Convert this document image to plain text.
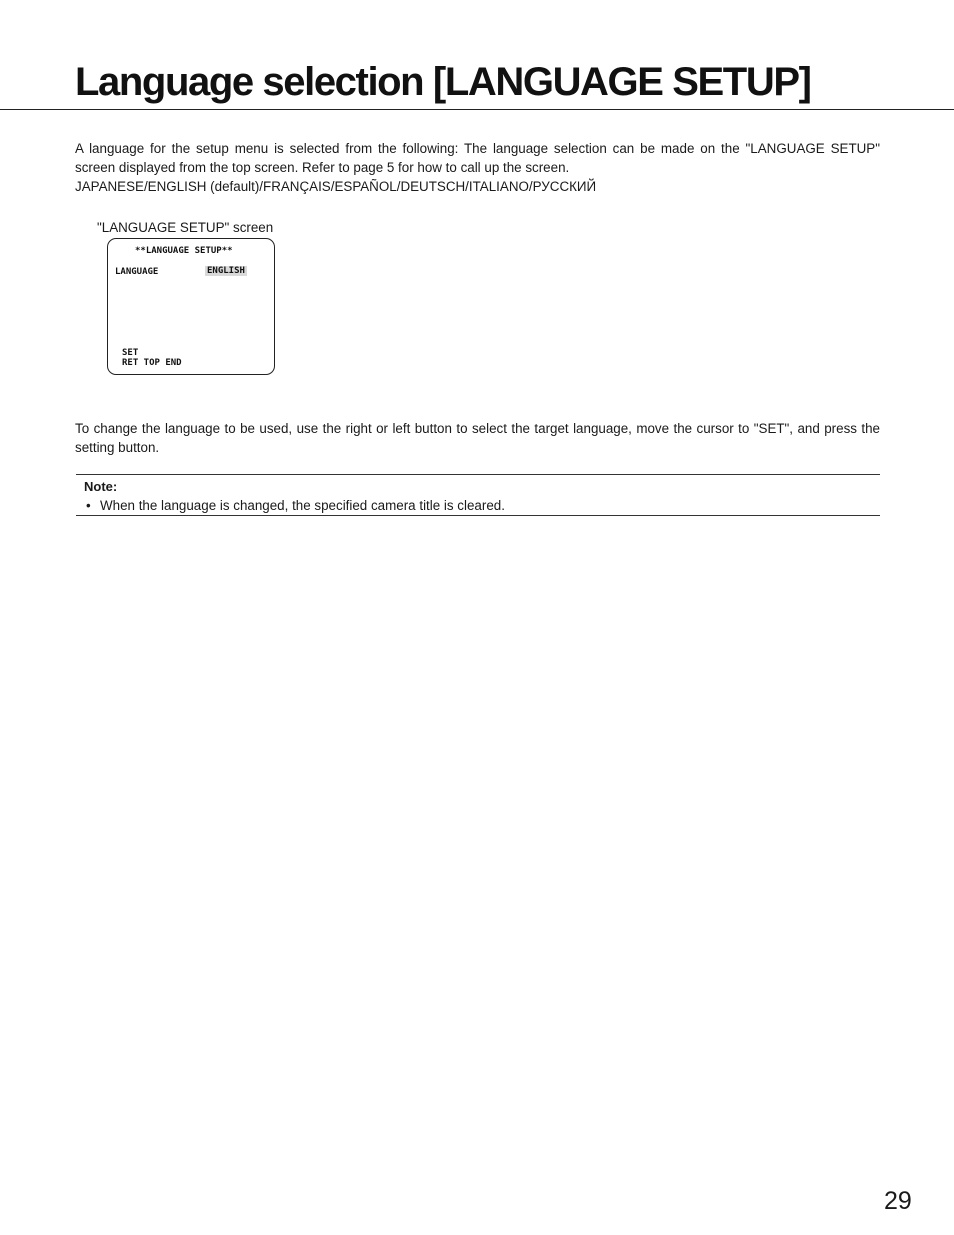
Language selection [LANGUAGE SETUP]

A language for the setup menu is selected from the following: The language selection can be made on the "LANGUAGE SETUP" screen displayed from the top screen. Refer to page 5 for how to call up the screen.

JAPANESE/ENGLISH (default)/FRANÇAIS/ESPAÑOL/DEUTSCH/ITALIANO/РУССКИЙ

"LANGUAGE SETUP" screen

**LANGUAGE SETUP**
LANGUAGE	ENGLISH
SET
RET TOP END

To change the language to be used, use the right or left button to select the target language, move the cursor to "SET", and press the setting button.

Note:

• When the language is changed, the specified camera title is cleared.

29
